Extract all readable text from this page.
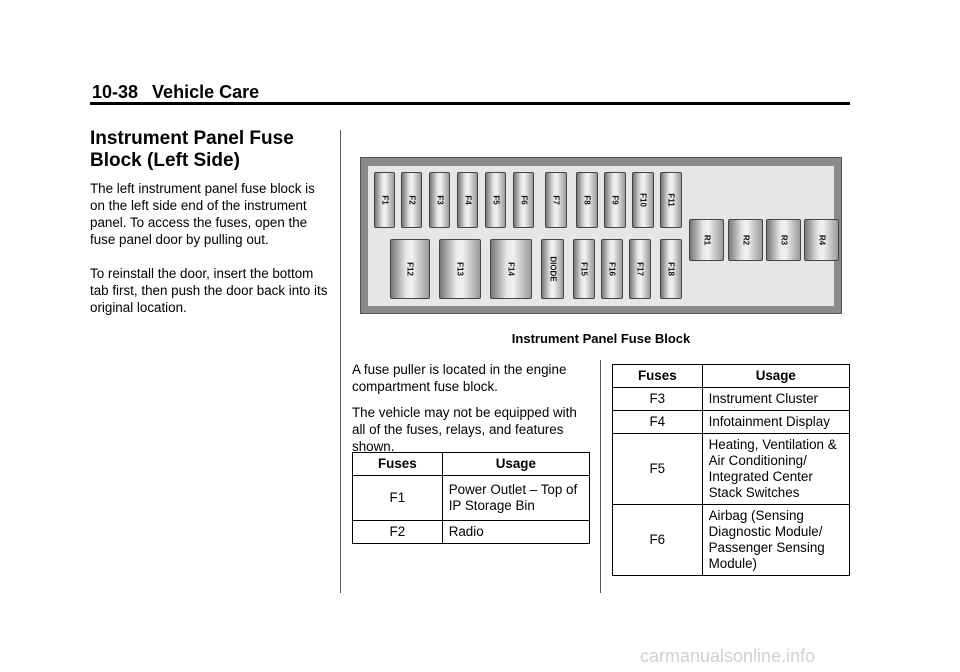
10-38 Vehicle Care
Instrument Panel Fuse Block (Left Side)

The left instrument panel fuse block is on the left side end of the instrument panel. To access the fuses, open the fuse panel door by pulling out.

To reinstall the door, insert the bottom tab first, then push the door back into its original location.

F1 F2 F3 F4 F5 F6	F7	F8 F9 F10 F11
F12	F13	F14	DIODE	F15 F16 F17	F18
R1	R2	R3	R4
Instrument Panel Fuse Block

A fuse puller is located in the engine compartment fuse block.

The vehicle may not be equipped with all of the fuses, relays, and features shown.

Fuses	Usage
F1	Power Outlet – Top of IP Storage Bin
F2	Radio
Fuses	Usage
F3	Instrument Cluster
F4	Infotainment Display
F5	Heating, Ventilation & Air Conditioning/ Integrated Center Stack Switches
F6	Airbag (Sensing Diagnostic Module/ Passenger Sensing Module)
carmanualsonline.info
